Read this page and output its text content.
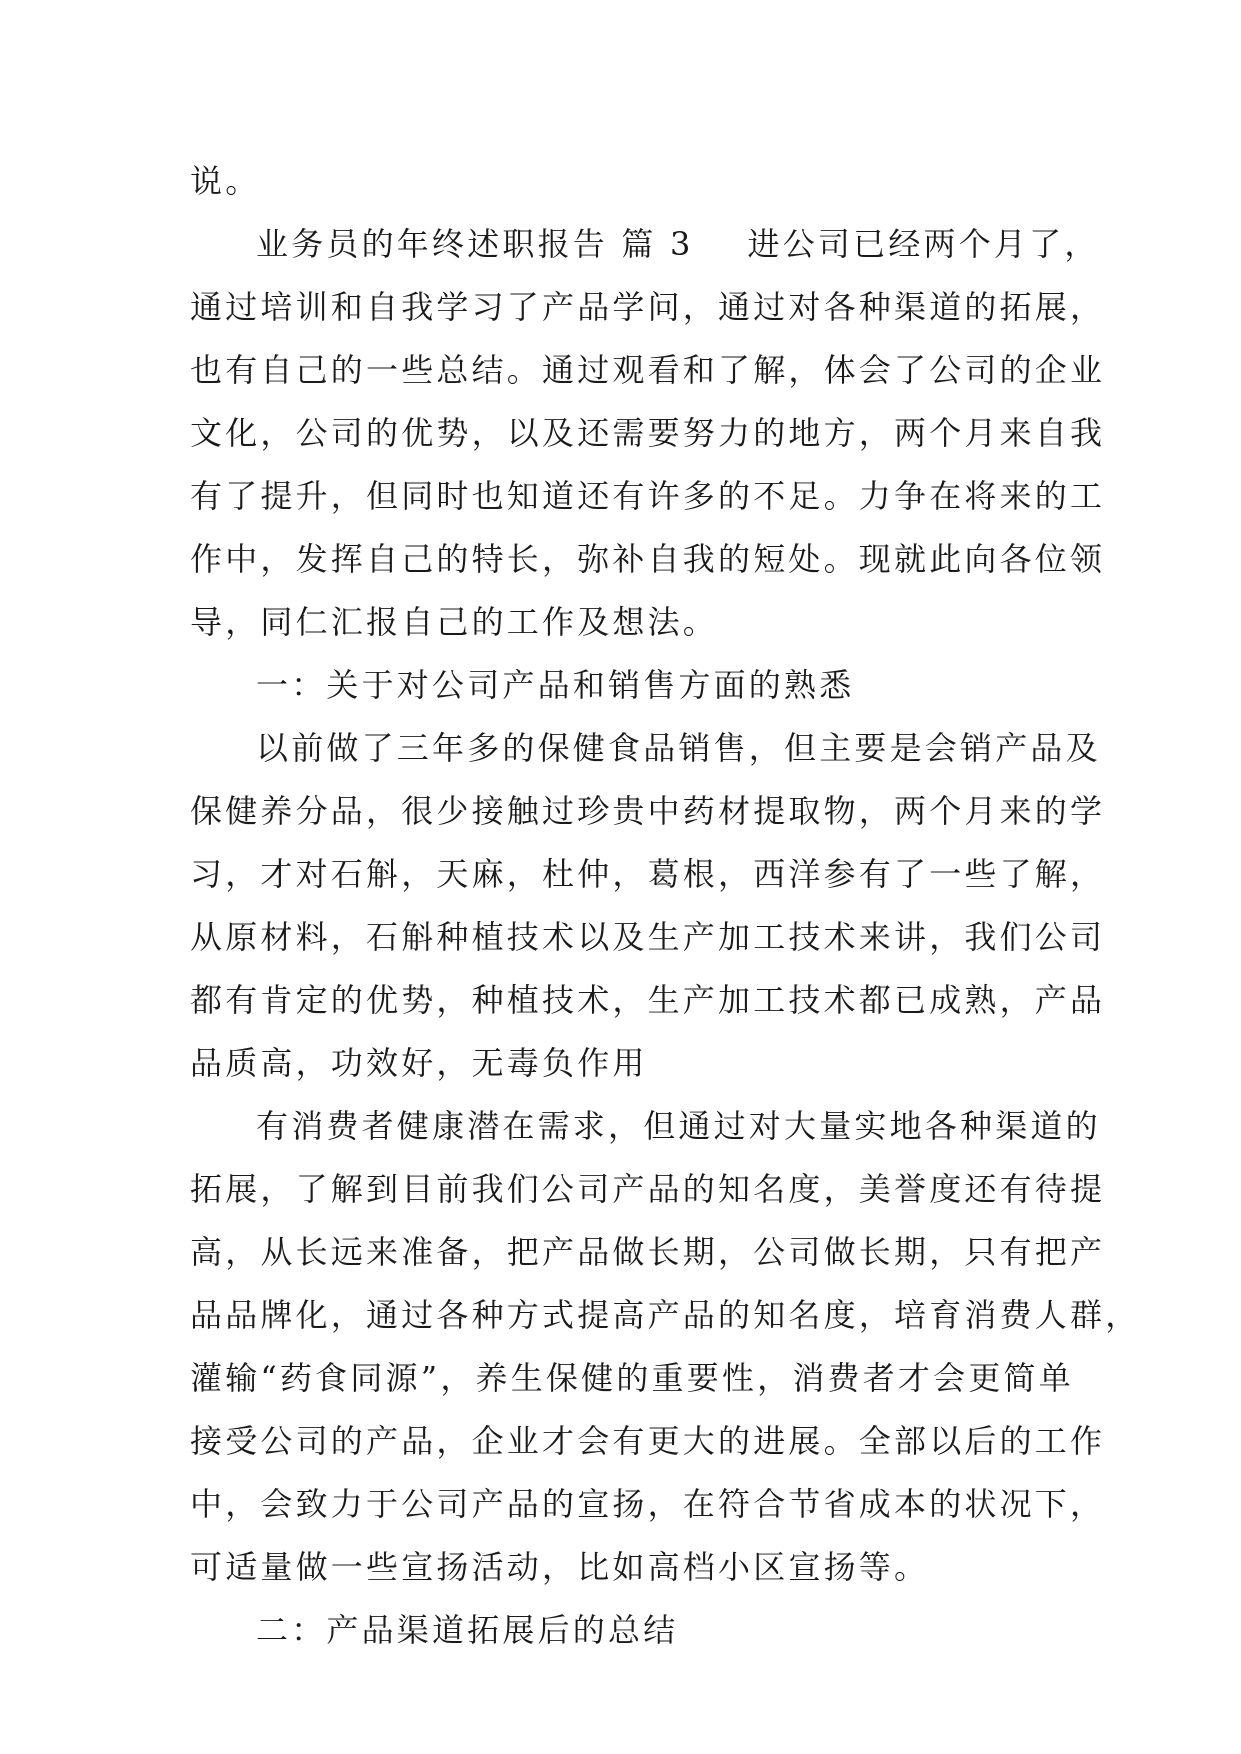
说。
业务员的年终述职报告 篇 3 进公司已经两个月了，
通过培训和自我学习了产品学问，通过对各种渠道的拓展，
也有自己的一些总结。通过观看和了解，体会了公司的企业
文化，公司的优势，以及还需要努力的地方，两个月来自我
有了提升，但同时也知道还有许多的不足。力争在将来的工
作中，发挥自己的特长，弥补自我的短处。现就此向各位领
导，同仁汇报自己的工作及想法。
一：关于对公司产品和销售方面的熟悉
以前做了三年多的保健食品销售，但主要是会销产品及
保健养分品，很少接触过珍贵中药材提取物，两个月来的学
习，才对石斛，天麻，杜仲，葛根，西洋参有了一些了解，
从原材料，石斛种植技术以及生产加工技术来讲，我们公司
都有肯定的优势，种植技术，生产加工技术都已成熟，产品
品质高，功效好，无毒负作用
有消费者健康潜在需求，但通过对大量实地各种渠道的
拓展，了解到目前我们公司产品的知名度，美誉度还有待提
高，从长远来准备，把产品做长期，公司做长期，只有把产
品品牌化，通过各种方式提高产品的知名度，培育消费人群，
灌输“药食同源”，养生保健的重要性，消费者才会更简单
接受公司的产品，企业才会有更大的进展。全部以后的工作
中，会致力于公司产品的宣扬，在符合节省成本的状况下，
可适量做一些宣扬活动，比如高档小区宣扬等。
二：产品渠道拓展后的总结
